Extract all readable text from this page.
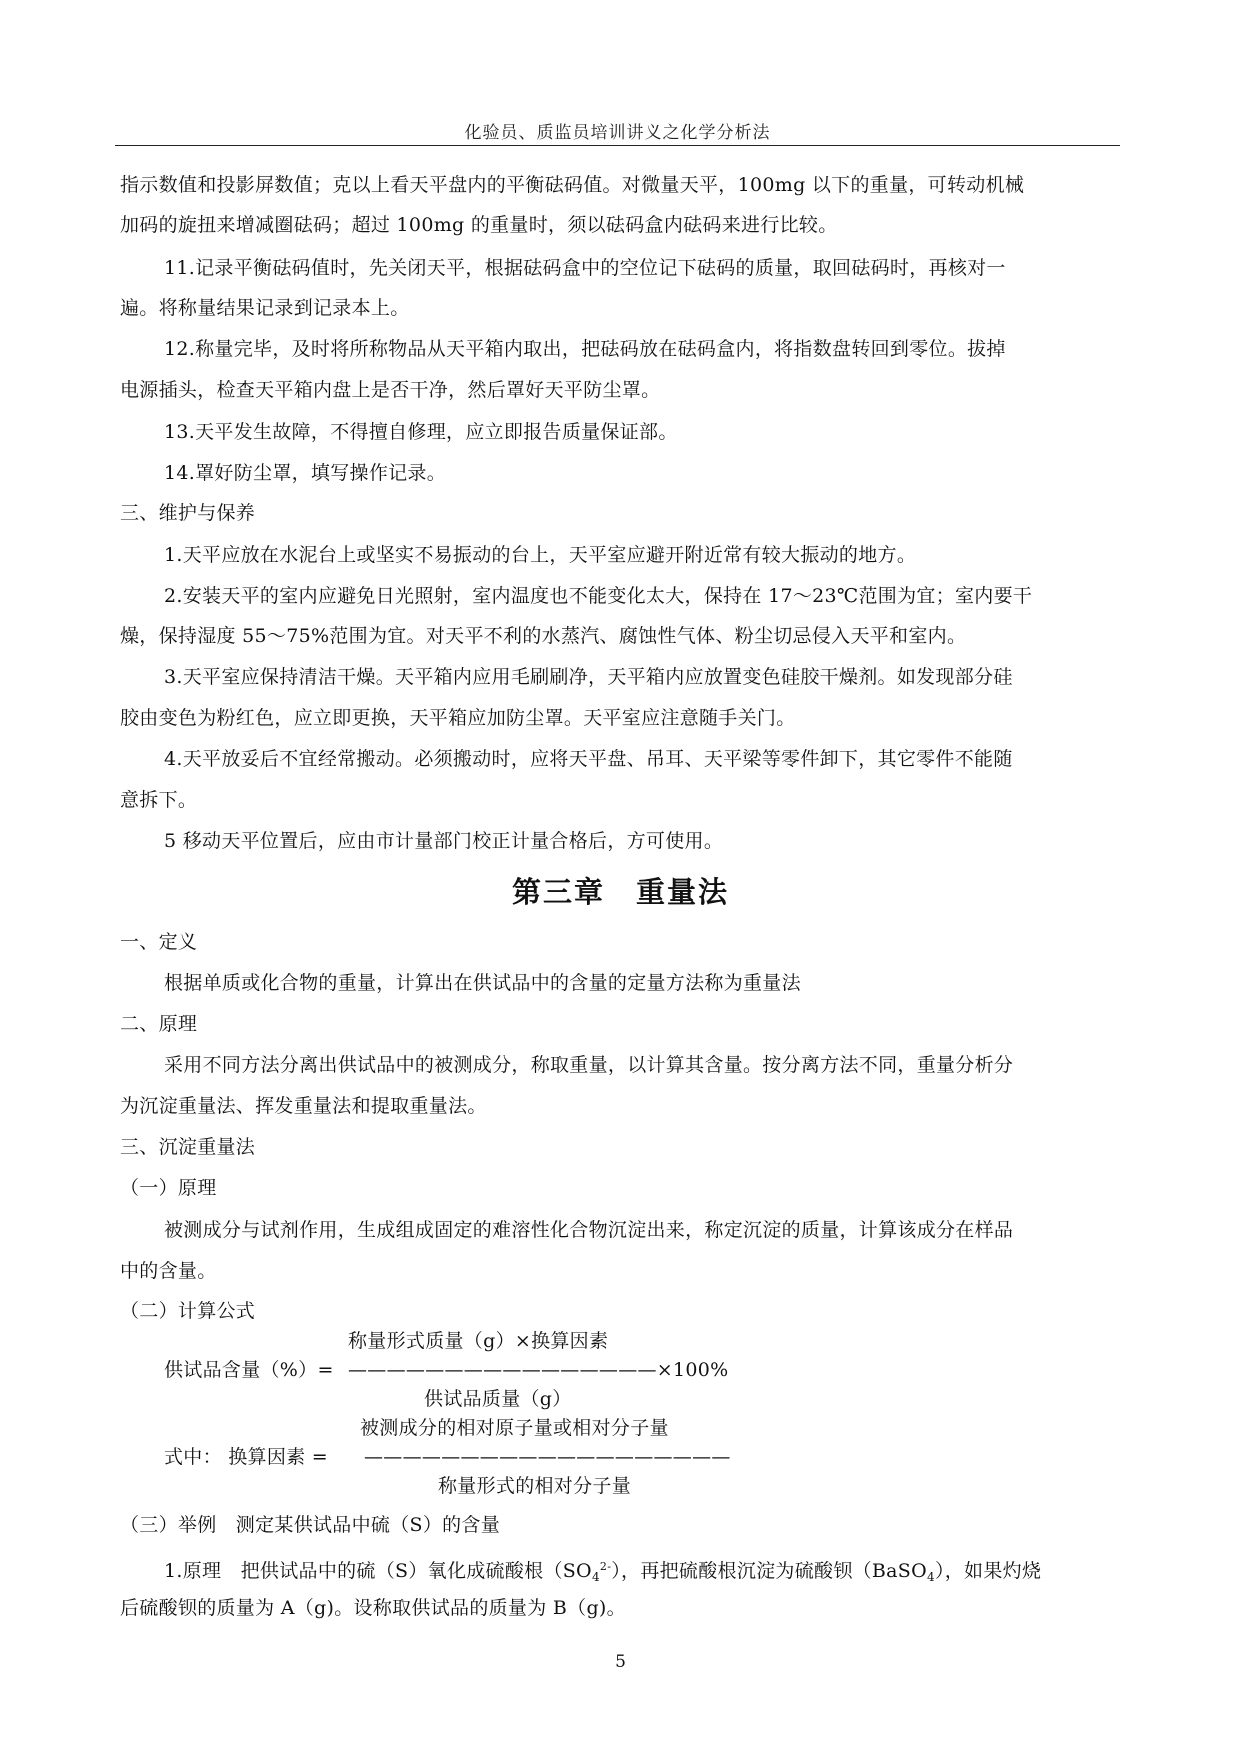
化验员、质监员培训讲义之化学分析法
指示数值和投影屏数值；克以上看天平盘内的平衡砝码值。对微量天平，100mg 以下的重量，可转动机械
加码的旋扭来增减圈砝码；超过 100mg 的重量时，须以砝码盒内砝码来进行比较。
11.记录平衡砝码值时，先关闭天平，根据砝码盒中的空位记下砝码的质量，取回砝码时，再核对一
遍。将称量结果记录到记录本上。
12.称量完毕，及时将所称物品从天平箱内取出，把砝码放在砝码盒内，将指数盘转回到零位。拔掉
电源插头，检查天平箱内盘上是否干净，然后罩好天平防尘罩。
13.天平发生故障，不得擅自修理，应立即报告质量保证部。
14.罩好防尘罩，填写操作记录。
三、维护与保养
1.天平应放在水泥台上或坚实不易振动的台上，天平室应避开附近常有较大振动的地方。
2.安装天平的室内应避免日光照射，室内温度也不能变化太大，保持在 17～23℃范围为宜；室内要干
燥，保持湿度 55～75%范围为宜。对天平不利的水蒸汽、腐蚀性气体、粉尘切忌侵入天平和室内。
3.天平室应保持清洁干燥。天平箱内应用毛刷刷净，天平箱内应放置变色硅胶干燥剂。如发现部分硅
胶由变色为粉红色，应立即更换，天平箱应加防尘罩。天平室应注意随手关门。
4.天平放妥后不宜经常搬动。必须搬动时，应将天平盘、吊耳、天平梁等零件卸下，其它零件不能随
意拆下。
5 移动天平位置后，应由市计量部门校正计量合格后，方可使用。
第三章　重量法
一、定义
根据单质或化合物的重量，计算出在供试品中的含量的定量方法称为重量法
二、原理
采用不同方法分离出供试品中的被测成分，称取重量，以计算其含量。按分离方法不同，重量分析分
为沉淀重量法、挥发重量法和提取重量法。
三、沉淀重量法
（一）原理
被测成分与试剂作用，生成组成固定的难溶性化合物沉淀出来，称定沉淀的质量，计算该成分在样品
中的含量。
（二）计算公式
称量形式质量（g）×换算因素
供试品含量（%）= ————————————————×100%
供试品质量（g）
被测成分的相对原子量或相对分子量
式中： 换算因素 = ———————————————————
称量形式的相对分子量
（三）举例　测定某供试品中硫（S）的含量
1.原理　把供试品中的硫（S）氧化成硫酸根$(SO_4^{2-})$，再把硫酸根沉淀为硫酸钡（BaSO$_4$），如果灼烧
后硫酸钡的质量为 A（g)。设称取供试品的质量为 B（g)。
5
